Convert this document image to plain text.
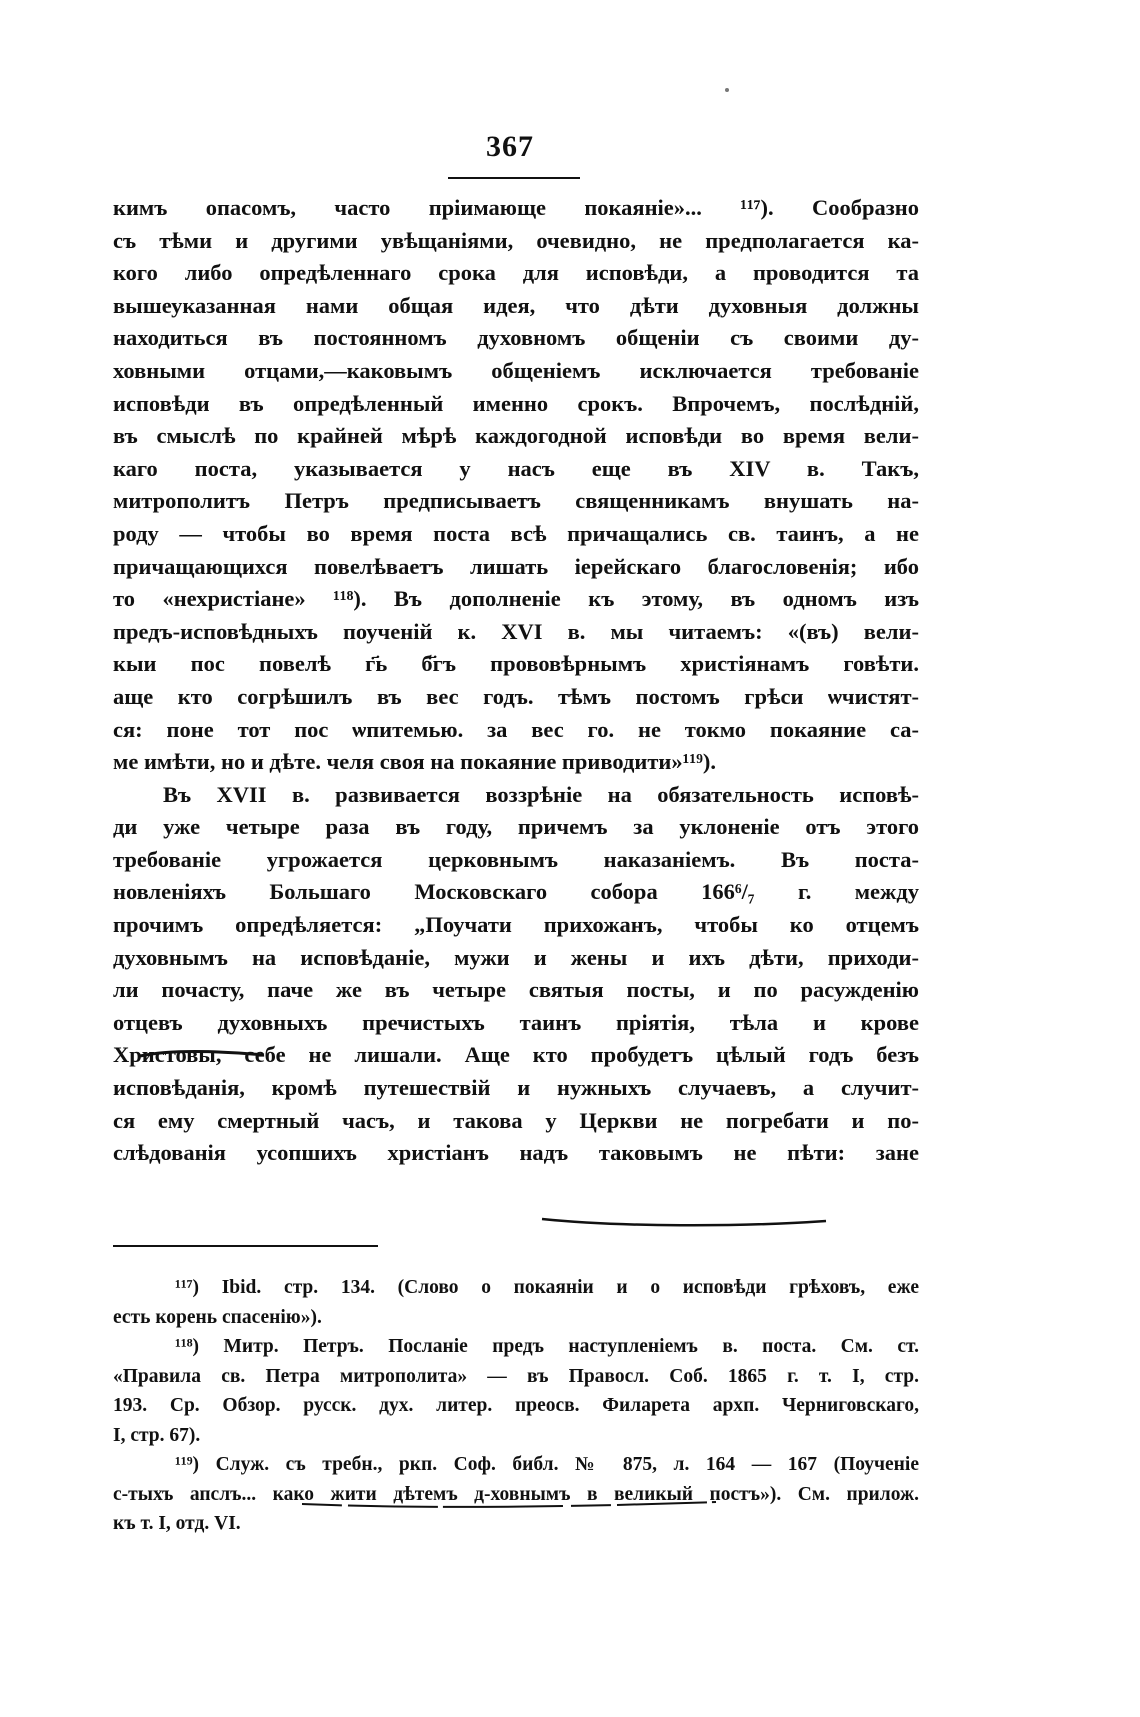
367
кимъ опасомъ, часто пріимающе покаяніе»... ¹¹⁷). Сообразно
съ тѣми и другими увѣщаніями, очевидно, не предполагается ка-
кого либо опредѣленнаго срока для исповѣди, а проводится та
вышеуказанная нами общая идея, что дѣти духовныя должны
находиться въ постоянномъ духовномъ общеніи съ своими ду-
ховными отцами,—каковымъ общеніемъ исключается требованіе
исповѣди въ опредѣленный именно срокъ. Впрочемъ, послѣдній,
въ смыслѣ по крайней мѣрѣ каждогодной исповѣди во время вели-
каго поста, указывается у насъ еще въ XIV в. Такъ,
митрополитъ Петръ предписываетъ священникамъ внушать на-
роду — чтобы во время поста всѣ причащались св. таинъ, а не
причащающихся повелѣваетъ лишать іерейскаго благословенія; ибо
то «нехристіане» ¹¹⁸). Въ дополненіе къ этому, въ одномъ изъ
предъ-исповѣдныхъ поученій к. XVI в. мы читаемъ: «(въ) вели-
кыи пос повелѣ г҃ь б҃гъ прововѣрнымъ христіянамъ говѣти.
аще кто согрѣшилъ въ вес годъ. тѣмъ постомъ грѣси ѡчистят-
ся: поне тот пос ѡпитемью. за вес го. не токмо покаяние са-
ме имѣти, но и дѣте. челя своя на покаяние приводити»¹¹⁹).
Въ XVII в. развивается воззрѣніе на обязательность исповѣ-
ди уже четыре раза въ году, причемъ за уклоненіе отъ этого
требованіе угрожается церковнымъ наказаніемъ. Въ поста-
новленіяхъ Большаго Московскаго собора 166⁶/₇ г. между
прочимъ опредѣляется: „Поучати прихожанъ, чтобы ко отцемъ
духовнымъ на исповѣданіе, мужи и жены и ихъ дѣти, приходи-
ли почасту, паче же въ четыре святыя посты, и по расужденію
отцевъ духовныхъ пречистыхъ таинъ пріятія, тѣла и крове
Христовы, себе не лишали. Аще кто пробудетъ цѣлый годъ безъ
исповѣданія, кромѣ путешествій и нужныхъ случаевъ, а случит-
ся ему смертный часъ, и такова у Церкви не погребати и по-
слѣдованія усопшихъ христіанъ надъ таковымъ не пѣти: зане
¹¹⁷) Ibid. стр. 134. (Слово о покаяніи и о исповѣди грѣховъ, еже
есть корень спасенію»).
¹¹⁸) Митр. Петръ. Посланіе предъ наступленіемъ в. поста. См. ст.
«Правила св. Петра митрополита» — въ Правосл. Соб. 1865 г. т. I, стр.
193. Ср. Обзор. русск. дух. литер. преосв. Филарета архп. Черниговскаго,
I, стр. 67).
¹¹⁹) Служ. съ требн., ркп. Соф. библ. № 875, л. 164 — 167 (Поученіе
с-тыхъ апслъ... како жити дѣтемъ д-ховнымъ в великый постъ»). См. прилож.
къ т. I, отд. VI.
